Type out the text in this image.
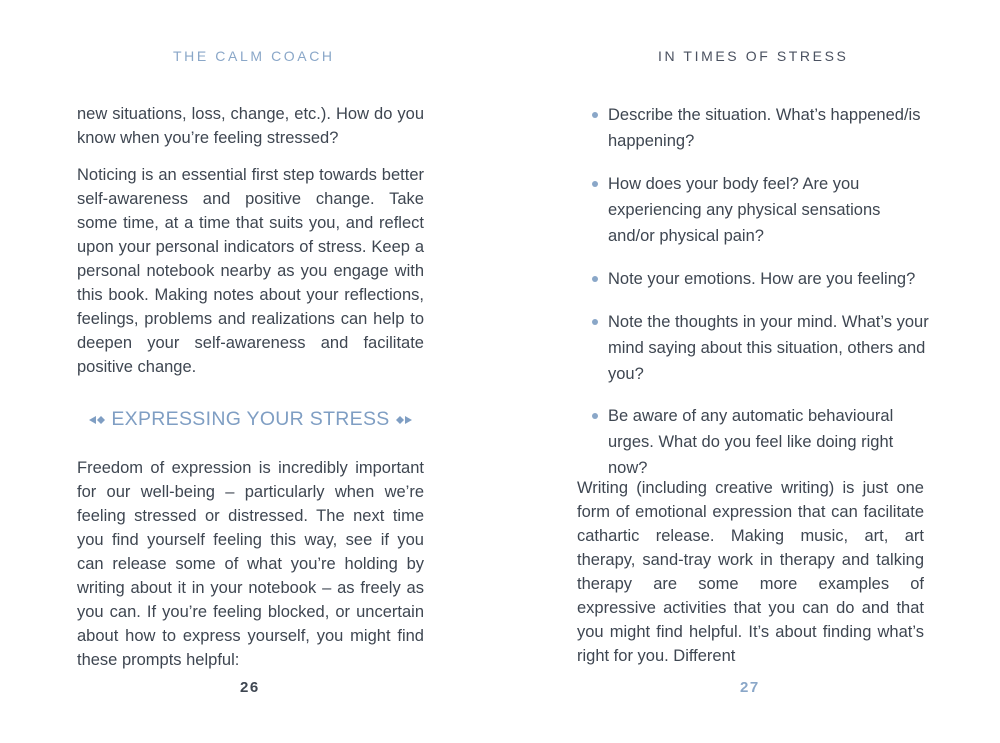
THE CALM COACH

new situations, loss, change, etc.). How do you know when you’re feeling stressed?

Noticing is an essential first step towards better self-awareness and positive change. Take some time, at a time that suits you, and reflect upon your personal indicators of stress. Keep a personal notebook nearby as you engage with this book. Making notes about your reflections, feelings, problems and realizations can help to deepen your self-awareness and facilitate positive change.

EXPRESSING YOUR STRESS

Freedom of expression is incredibly important for our well-being – particularly when we’re feeling stressed or distressed. The next time you find yourself feeling this way, see if you can release some of what you’re holding by writing about it in your notebook – as freely as you can. If you’re feeling blocked, or uncertain about how to express yourself, you might find these prompts helpful:

26
IN TIMES OF STRESS

Writing (including creative writing) is just one form of emotional expression that can facilitate cathartic release. Making music, art, art therapy, sand-tray work in therapy and talking therapy are some more examples of expressive activities that you can do and that you might find helpful. It’s about finding what’s right for you. Different

27
Describe the situation. What’s happened/is happening?
How does your body feel? Are you experiencing any physical sensations and/or physical pain?
Note your emotions. How are you feeling?
Note the thoughts in your mind. What’s your mind saying about this situation, others and you?
Be aware of any automatic behavioural urges. What do you feel like doing right now?
